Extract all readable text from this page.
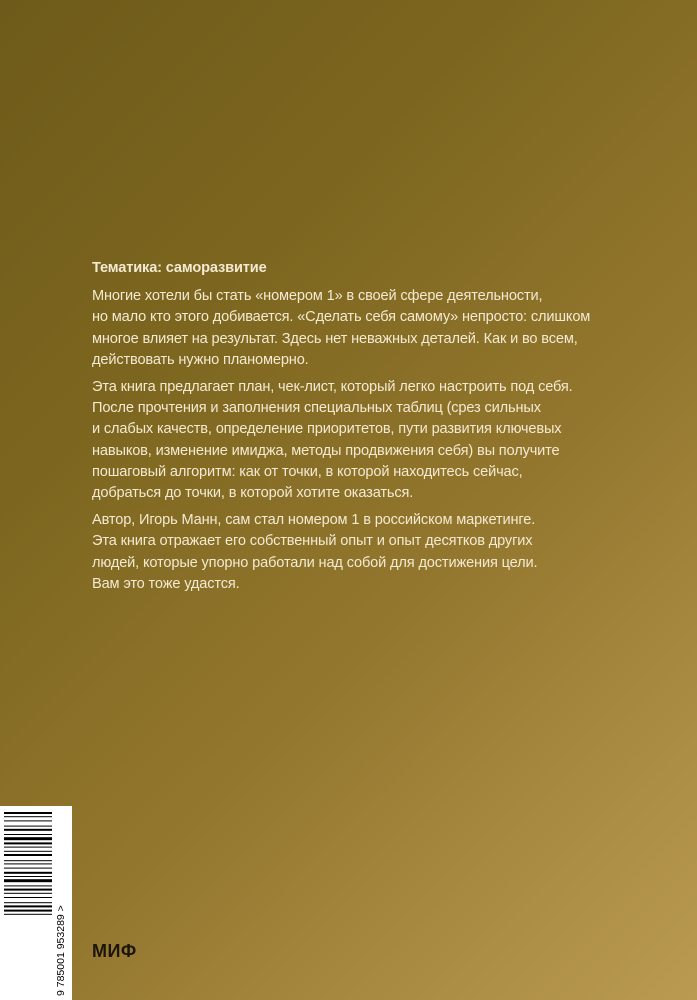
Тематика: саморазвитие
Многие хотели бы стать «номером 1» в своей сфере деятельности,
но мало кто этого добивается. «Сделать себя самому» непросто: слишком
многое влияет на результат. Здесь нет неважных деталей. Как и во всем,
действовать нужно планомерно.
Эта книга предлагает план, чек-лист, который легко настроить под себя.
После прочтения и заполнения специальных таблиц (срез сильных
и слабых качеств, определение приоритетов, пути развития ключевых
навыков, изменение имиджа, методы продвижения себя) вы получите
пошаговый алгоритм: как от точки, в которой находитесь сейчас,
добраться до точки, в которой хотите оказаться.
Автор, Игорь Манн, сам стал номером 1 в российском маркетинге.
Эта книга отражает его собственный опыт и опыт десятков других
людей, которые упорно работали над собой для достижения цели.
Вам это тоже удастся.
9 785001 953289 > МИФ
